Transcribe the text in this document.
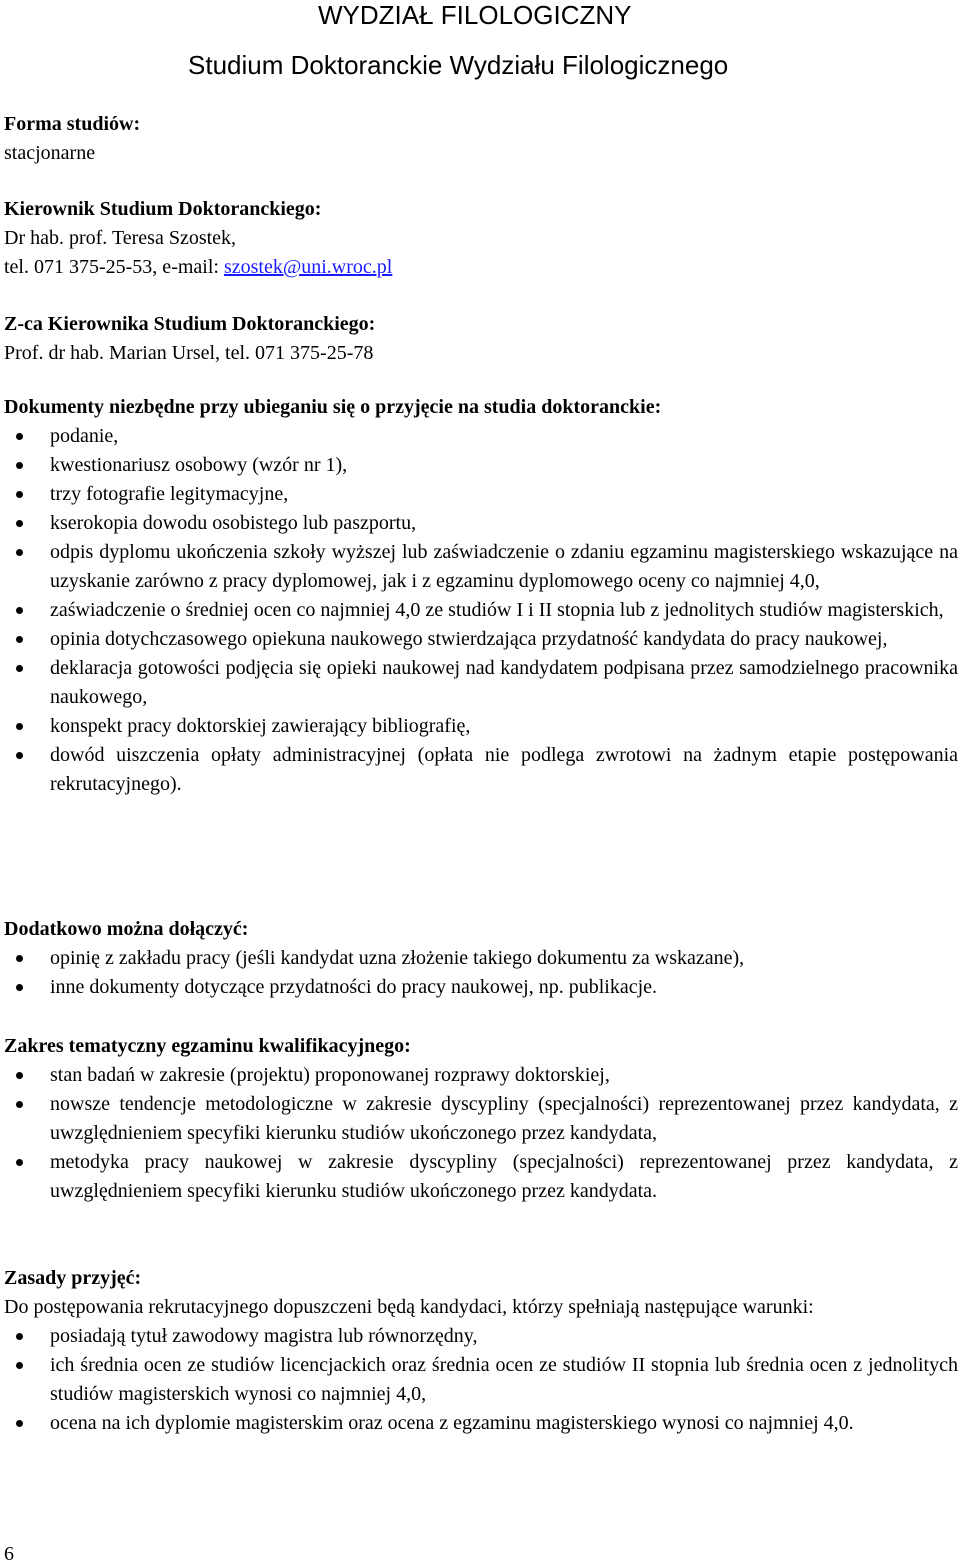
WYDZIAŁ FILOLOGICZNY
Studium Doktoranckie Wydziału Filologicznego
Forma studiów:
stacjonarne
Kierownik Studium Doktoranckiego:
Dr hab. prof. Teresa Szostek,
tel. 071 375-25-53, e-mail: szostek@uni.wroc.pl
Z-ca Kierownika Studium Doktoranckiego:
Prof. dr hab. Marian Ursel, tel. 071 375-25-78
Dokumenty niezbędne przy ubieganiu się o przyjęcie na studia doktoranckie:
podanie,
kwestionariusz osobowy (wzór nr 1),
trzy fotografie legitymacyjne,
kserokopia dowodu osobistego lub paszportu,
odpis dyplomu ukończenia szkoły wyższej lub zaświadczenie o zdaniu egzaminu magisterskiego wskazujące na uzyskanie zarówno z pracy dyplomowej, jak i z egzaminu dyplomowego oceny co najmniej 4,0,
zaświadczenie o średniej ocen co najmniej 4,0 ze studiów I i II stopnia lub z jednolitych studiów magisterskich,
opinia dotychczasowego opiekuna naukowego stwierdzająca przydatność kandydata do pracy naukowej,
deklaracja gotowości podjęcia się opieki naukowej nad kandydatem podpisana przez samodzielnego pracownika naukowego,
konspekt pracy doktorskiej zawierający bibliografię,
dowód uiszczenia opłaty administracyjnej (opłata nie podlega zwrotowi na żadnym etapie postępowania rekrutacyjnego).
Dodatkowo można dołączyć:
opinię z zakładu pracy (jeśli kandydat uzna złożenie takiego dokumentu za wskazane),
inne dokumenty dotyczące przydatności do pracy naukowej, np. publikacje.
Zakres tematyczny egzaminu kwalifikacyjnego:
stan badań w zakresie (projektu) proponowanej rozprawy doktorskiej,
nowsze tendencje metodologiczne w zakresie dyscypliny (specjalności) reprezentowanej przez kandydata, z uwzględnieniem specyfiki kierunku studiów ukończonego przez kandydata,
metodyka pracy naukowej w zakresie dyscypliny (specjalności) reprezentowanej przez kandydata, z uwzględnieniem specyfiki kierunku studiów ukończonego przez kandydata.
Zasady przyjęć:
Do postępowania rekrutacyjnego dopuszczeni będą kandydaci, którzy spełniają następujące warunki:
posiadają tytuł zawodowy magistra lub równorzędny,
ich średnia ocen ze studiów licencjackich oraz średnia ocen ze studiów II stopnia lub średnia ocen z jednolitych studiów magisterskich wynosi co najmniej 4,0,
ocena na ich dyplomie magisterskim oraz ocena z egzaminu magisterskiego wynosi co najmniej 4,0.
6
